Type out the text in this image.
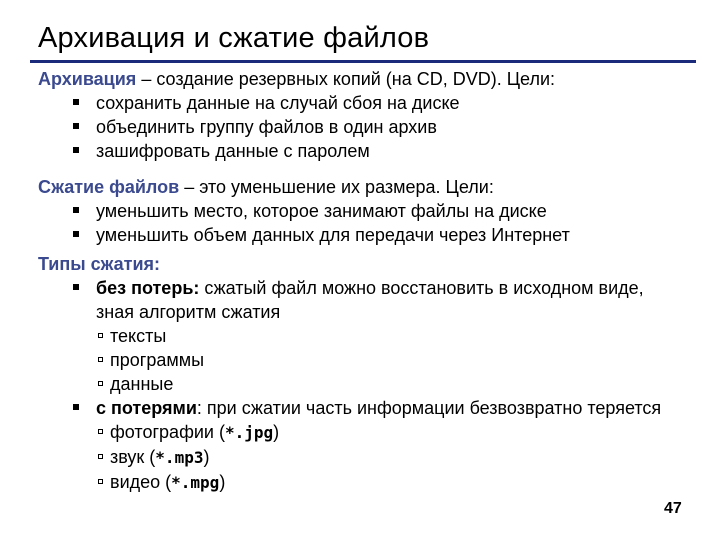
Архивация и сжатие файлов
Архивация – создание резервных копий (на CD, DVD). Цели:
сохранить данные на случай сбоя на диске
объединить группу файлов в один архив
зашифровать данные с паролем
Сжатие файлов – это уменьшение их размера. Цели:
уменьшить место, которое занимают файлы на диске
уменьшить объем данных для передачи через Интернет
Типы сжатия:
без потерь: сжатый файл можно восстановить в исходном виде, зная алгоритм сжатия
тексты
программы
данные
с потерями: при сжатии часть информации безвозвратно теряется
фотографии (*.jpg)
звук (*.mp3)
видео (*.mpg)
47
